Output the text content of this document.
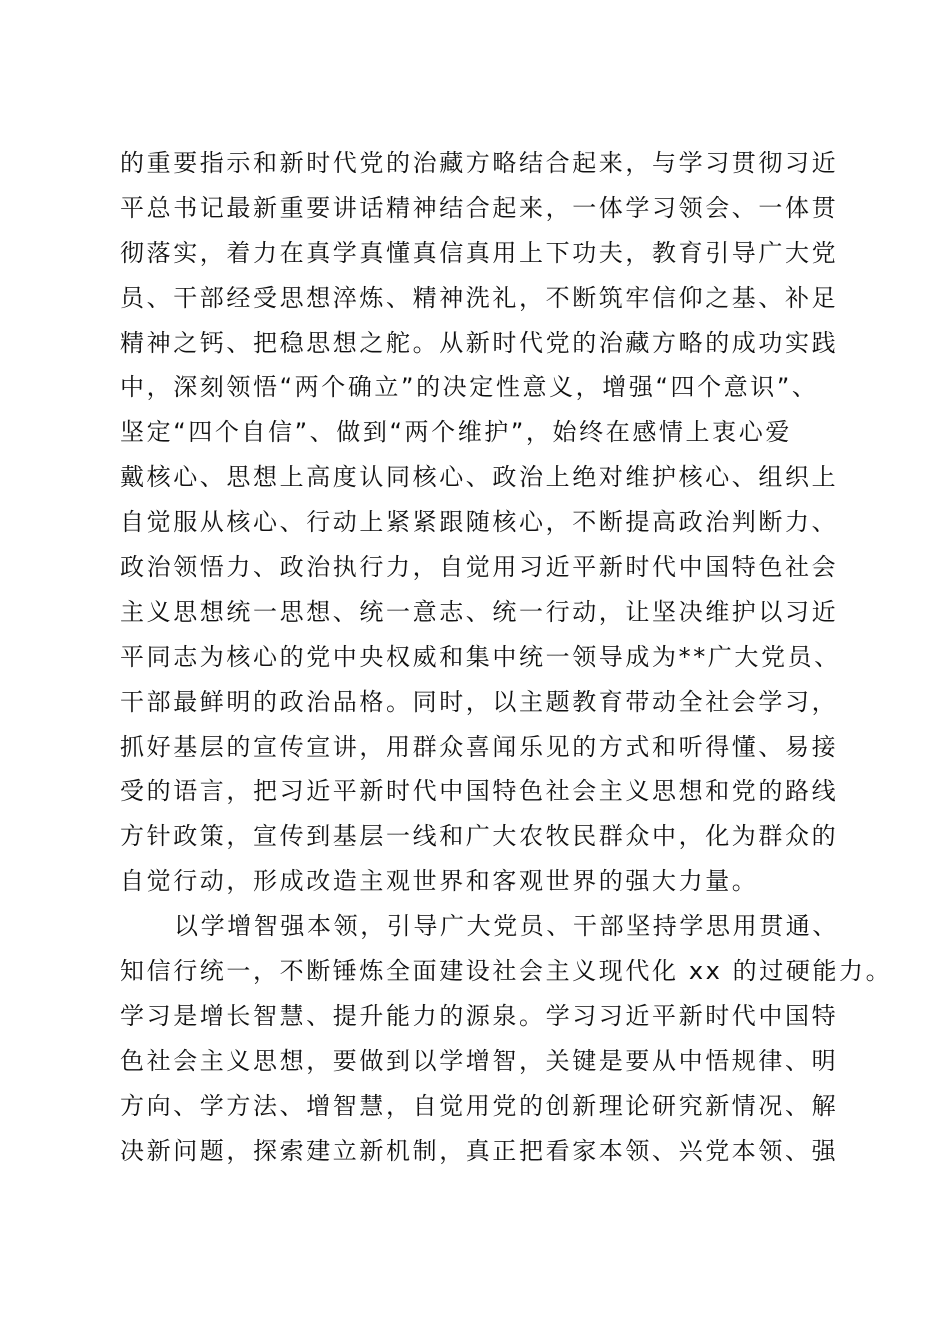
的重要指示和新时代党的治藏方略结合起来，与学习贯彻习近
平总书记最新重要讲话精神结合起来，一体学习领会、一体贯
彻落实，着力在真学真懂真信真用上下功夫，教育引导广大党
员、干部经受思想淬炼、精神洗礼，不断筑牢信仰之基、补足
精神之钙、把稳思想之舵。从新时代党的治藏方略的成功实践
中，深刻领悟“两个确立”的决定性意义，增强“四个意识”、
坚定“四个自信”、做到“两个维护”，始终在感情上衷心爱
戴核心、思想上高度认同核心、政治上绝对维护核心、组织上
自觉服从核心、行动上紧紧跟随核心，不断提高政治判断力、
政治领悟力、政治执行力，自觉用习近平新时代中国特色社会
主义思想统一思想、统一意志、统一行动，让坚决维护以习近
平同志为核心的党中央权威和集中统一领导成为**广大党员、
干部最鲜明的政治品格。同时，以主题教育带动全社会学习，
抓好基层的宣传宣讲，用群众喜闻乐见的方式和听得懂、易接
受的语言，把习近平新时代中国特色社会主义思想和党的路线
方针政策，宣传到基层一线和广大农牧民群众中，化为群众的
自觉行动，形成改造主观世界和客观世界的强大力量。
以学增智强本领，引导广大党员、干部坚持学思用贯通、
知信行统一，不断锤炼全面建设社会主义现代化 xx 的过硬能力。
学习是增长智慧、提升能力的源泉。学习习近平新时代中国特
色社会主义思想，要做到以学增智，关键是要从中悟规律、明
方向、学方法、增智慧，自觉用党的创新理论研究新情况、解
决新问题，探索建立新机制，真正把看家本领、兴党本领、强
